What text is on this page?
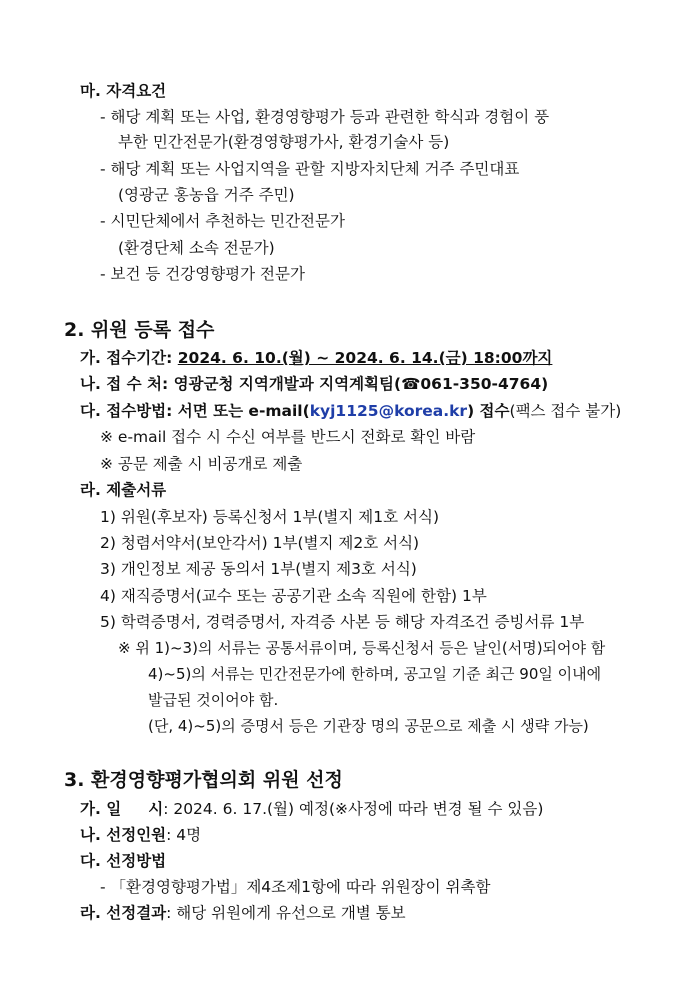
마. 자격요건
- 해당 계획 또는 사업, 환경영향평가 등과 관련한 학식과 경험이 풍
부한 민간전문가(환경영향평가사, 환경기술사 등)
- 해당 계획 또는 사업지역을 관할 지방자치단체 거주 주민대표
(영광군 홍농읍 거주 주민)
- 시민단체에서 추천하는 민간전문가
(환경단체 소속 전문가)
- 보건 등 건강영향평가 전문가
2. 위원 등록 접수
가. 접수기간: 2024. 6. 10.(월) ~ 2024. 6. 14.(금) 18:00까지
나. 접 수 처: 영광군청 지역개발과 지역계획팀(☎061-350-4764)
다. 접수방법: 서면 또는 e-mail(kyj1125@korea.kr) 접수(팩스 접수 불가)
※ e-mail 접수 시 수신 여부를 반드시 전화로 확인 바람
※ 공문 제출 시 비공개로 제출
라. 제출서류
1) 위원(후보자) 등록신청서 1부(별지 제1호 서식)
2) 청렴서약서(보안각서) 1부(별지 제2호 서식)
3) 개인정보 제공 동의서 1부(별지 제3호 서식)
4) 재직증명서(교수 또는 공공기관 소속 직원에 한함) 1부
5) 학력증명서, 경력증명서, 자격증 사본 등 해당 자격조건 증빙서류 1부
※ 위 1)~3)의 서류는 공통서류이며, 등록신청서 등은 날인(서명)되어야 함
4)~5)의 서류는 민간전문가에 한하며, 공고일 기준 최근 90일 이내에
발급된 것이어야 함.
(단, 4)~5)의 증명서 등은 기관장 명의 공문으로 제출 시 생략 가능)
3. 환경영향평가협의회 위원 선정
가. 일     시: 2024. 6. 17.(월) 예정(※사정에 따라 변경 될 수 있음)
나. 선정인원: 4명
다. 선정방법
- 「환경영향평가법」제4조제1항에 따라 위원장이 위촉함
라. 선정결과: 해당 위원에게 유선으로 개별 통보
